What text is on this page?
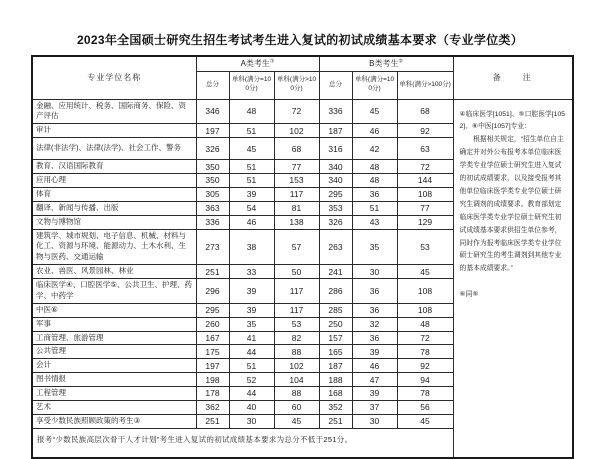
2023年全国硕士研究生招生考试考生进入复试的初试成绩基本要求（专业学位类）
专业学位名称	A类考生①			B类考生②			备　　注
	总分	单科(满分=100分)	单科(满分>100分)	总分	单科(满分=100分)	单科(满分>100分)	
金融、应用统计、税务、国际商务、保险、资产评估	346	48	72	336	45	68	④临床医学[1051]、⑤口腔医学[1052]、⑥中医[1057]专业：
根据相关规定，“招生单位自主确定并对外公布报考本单位临床医学类专业学位硕士研究生进入复试的初试成绩要求，以及接受报考其他单位临床医学类专业学位硕士研究生调剂的成绩要求。教育部划定临床医学类专业学位硕士研究生初试成绩基本要求供招生单位参考，同时作为报考临床医学类专业学位硕士研究生的考生调剂到其他专业的基本成绩要求。”
⑥同⑤

审计	197	51	102	187	46	92	
法律(非法学)、法律(法学)、社会工作、警务	326	45	68	316	42	63	
教育、汉语国际教育	350	51	77	340	48	72	
应用心理	350	51	153	340	48	144	
体育	305	39	117	295	36	108	
翻译、新闻与传播、出版	363	54	81	353	51	77	
文物与博物馆	336	46	138	326	43	129	
建筑学、城市规划、电子信息、机械、材料与化工、资源与环境、能源动力、土木水利、生物与医药、交通运输	273	38	57	263	35	53	
农业、兽医、风景园林、林业	251	33	50	241	30	45	
临床医学④、口腔医学⑤、公共卫生、护理、药学、中药学	296	39	117	286	36	108	
中医⑥	295	39	117	285	36	108	
军事	260	35	53	250	32	48	
工商管理、旅游管理	167	41	82	157	36	72	
公共管理	175	44	88	165	39	78	
会计	197	51	102	187	46	92	
图书情报	198	52	104	188	47	94	
工程管理	178	44	88	168	39	78	
艺术	362	40	60	352	37	56	
享受少数民族照顾政策的考生③	251	30	45	251	30	45	
报考“少数民族高层次骨干人才计划”考生进入复试的初试成绩基本要求为总分不低于251分。							
